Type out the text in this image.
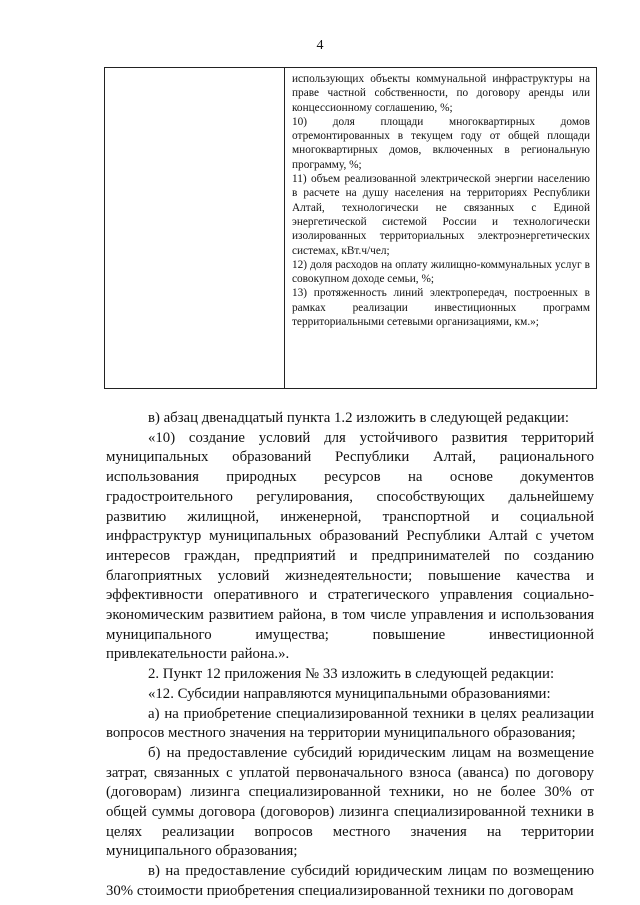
4

использующих объекты коммунальной инфраструктуры на праве частной собственности, по договору аренды или концессионному соглашению, %;

10) доля площади многоквартирных домов отремонтированных в текущем году от общей площади многоквартирных домов, включенных в региональную программу, %;

11) объем реализованной электрической энергии населению в расчете на душу населения на территориях Республики Алтай, технологически не связанных с Единой энергетической системой России и технологически изолированных территориальных электроэнергетических системах, кВт.ч/чел;

12) доля расходов на оплату жилищно-коммунальных услуг в совокупном доходе семьи, %;

13) протяженность линий электропередач, построенных в рамках реализации инвестиционных программ территориальными сетевыми организациями, км.»;

в) абзац двенадцатый пункта 1.2 изложить в следующей редакции:

«10) создание условий для устойчивого развития территорий муниципальных образований Республики Алтай, рационального использования природных ресурсов на основе документов градостроительного регулирования, способствующих дальнейшему развитию жилищной, инженерной, транспортной и социальной инфраструктур муниципальных образований Республики Алтай с учетом интересов граждан, предприятий и предпринимателей по созданию благоприятных условий жизнедеятельности; повышение качества и эффективности оперативного и стратегического управления социально-экономическим развитием района, в том числе управления и использования муниципального имущества; повышение инвестиционной привлекательности района.».

2. Пункт 12 приложения № 33 изложить в следующей редакции:

«12. Субсидии направляются муниципальными образованиями:

а) на приобретение специализированной техники в целях реализации вопросов местного значения на территории муниципального образования;

б) на предоставление субсидий юридическим лицам на возмещение затрат, связанных с уплатой первоначального взноса (аванса) по договору (договорам) лизинга специализированной техники, но не более 30% от общей суммы договора (договоров) лизинга специализированной техники в целях реализации вопросов местного значения на территории муниципального образования;

в) на предоставление субсидий юридическим лицам по возмещению 30% стоимости приобретения специализированной техники по договорам
